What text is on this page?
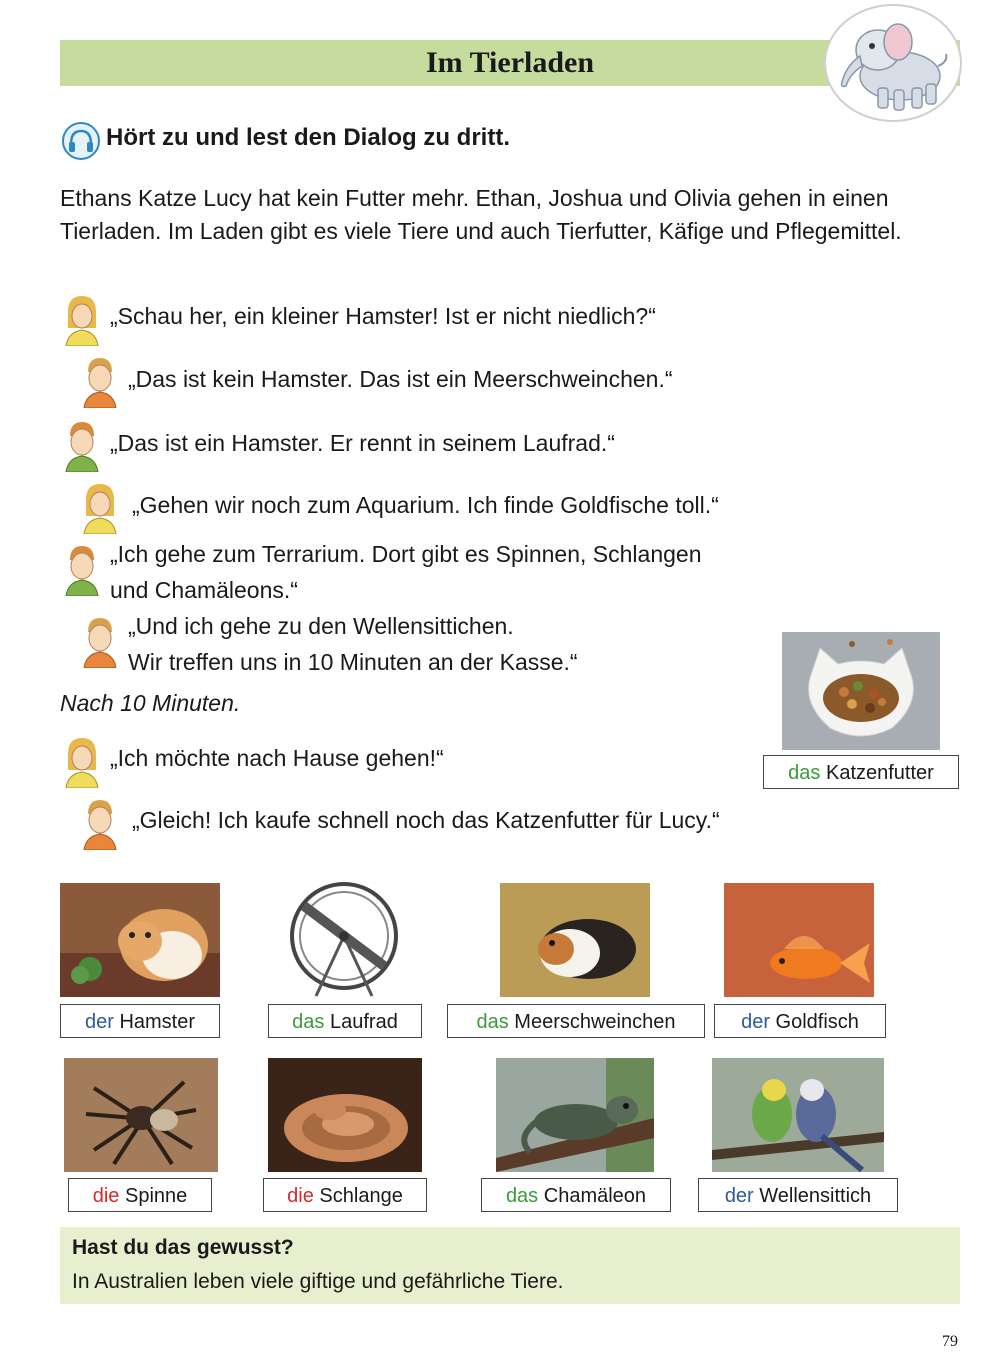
Im Tierladen
Hört zu und lest den Dialog zu dritt.
Ethans Katze Lucy hat kein Futter mehr. Ethan, Joshua und Olivia gehen in einen Tierladen. Im Laden gibt es viele Tiere und auch Tierfutter, Käfige und Pflegemittel.
„Schau her, ein kleiner Hamster! Ist er nicht niedlich?“
„Das ist kein Hamster. Das ist ein Meerschweinchen.“
„Das ist ein Hamster. Er rennt in seinem Laufrad.“
„Gehen wir noch zum Aquarium. Ich finde Goldfische toll.“
„Ich gehe zum Terrarium. Dort gibt es Spinnen, Schlangen
und Chamäleons.“
„Und ich gehe zu den Wellensittichen.
Wir treffen uns in 10 Minuten an der Kasse.“
Nach 10 Minuten.
„Ich möchte nach Hause gehen!“
„Gleich! Ich kaufe schnell noch das Katzenfutter für Lucy.“
das Katzenfutter
der Hamster	das Laufrad	das Meerschweinchen	der Goldfisch
die Spinne	die Schlange	das Chamäleon	der Wellensittich
Hast du das gewusst?
In Australien leben viele giftige und gefährliche Tiere.
79
